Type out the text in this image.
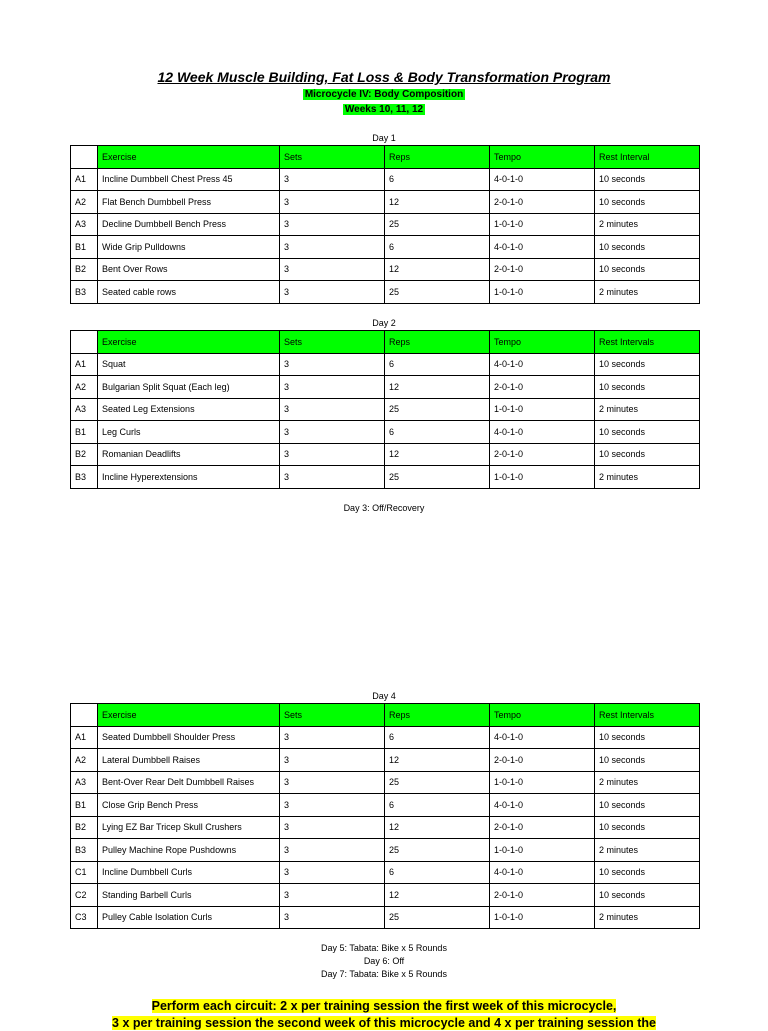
12 Week Muscle Building, Fat Loss & Body Transformation Program
Microcycle IV: Body Composition
Weeks 10, 11, 12
Day 1
	Exercise	Sets	Reps	Tempo	Rest Interval
A1	Incline Dumbbell Chest Press 45	3	6	4-0-1-0	10 seconds
A2	Flat Bench Dumbbell Press	3	12	2-0-1-0	10 seconds
A3	Decline Dumbbell Bench Press	3	25	1-0-1-0	2 minutes
B1	Wide Grip Pulldowns	3	6	4-0-1-0	10 seconds
B2	Bent Over Rows	3	12	2-0-1-0	10 seconds
B3	Seated cable rows	3	25	1-0-1-0	2 minutes
Day 2
	Exercise	Sets	Reps	Tempo	Rest Intervals
A1	Squat	3	6	4-0-1-0	10 seconds
A2	Bulgarian Split Squat (Each leg)	3	12	2-0-1-0	10 seconds
A3	Seated Leg Extensions	3	25	1-0-1-0	2 minutes
B1	Leg Curls	3	6	4-0-1-0	10 seconds
B2	Romanian Deadlifts	3	12	2-0-1-0	10 seconds
B3	Incline Hyperextensions	3	25	1-0-1-0	2 minutes
Day 3: Off/Recovery
Day 4
	Exercise	Sets	Reps	Tempo	Rest Intervals
A1	Seated Dumbbell Shoulder Press	3	6	4-0-1-0	10 seconds
A2	Lateral Dumbbell Raises	3	12	2-0-1-0	10 seconds
A3	Bent-Over Rear Delt Dumbbell Raises	3	25	1-0-1-0	2 minutes
B1	Close Grip Bench Press	3	6	4-0-1-0	10 seconds
B2	Lying EZ Bar Tricep Skull Crushers	3	12	2-0-1-0	10 seconds
B3	Pulley Machine Rope Pushdowns	3	25	1-0-1-0	2 minutes
C1	Incline Dumbbell Curls	3	6	4-0-1-0	10 seconds
C2	Standing Barbell Curls	3	12	2-0-1-0	10 seconds
C3	Pulley Cable Isolation Curls	3	25	1-0-1-0	2 minutes
Day 5: Tabata: Bike x 5 Rounds
Day 6: Off
Day 7: Tabata: Bike x 5 Rounds
Perform each circuit: 2 x per training session the first week of this microcycle,
3 x per training session the second week of this microcycle and 4 x per training session the
